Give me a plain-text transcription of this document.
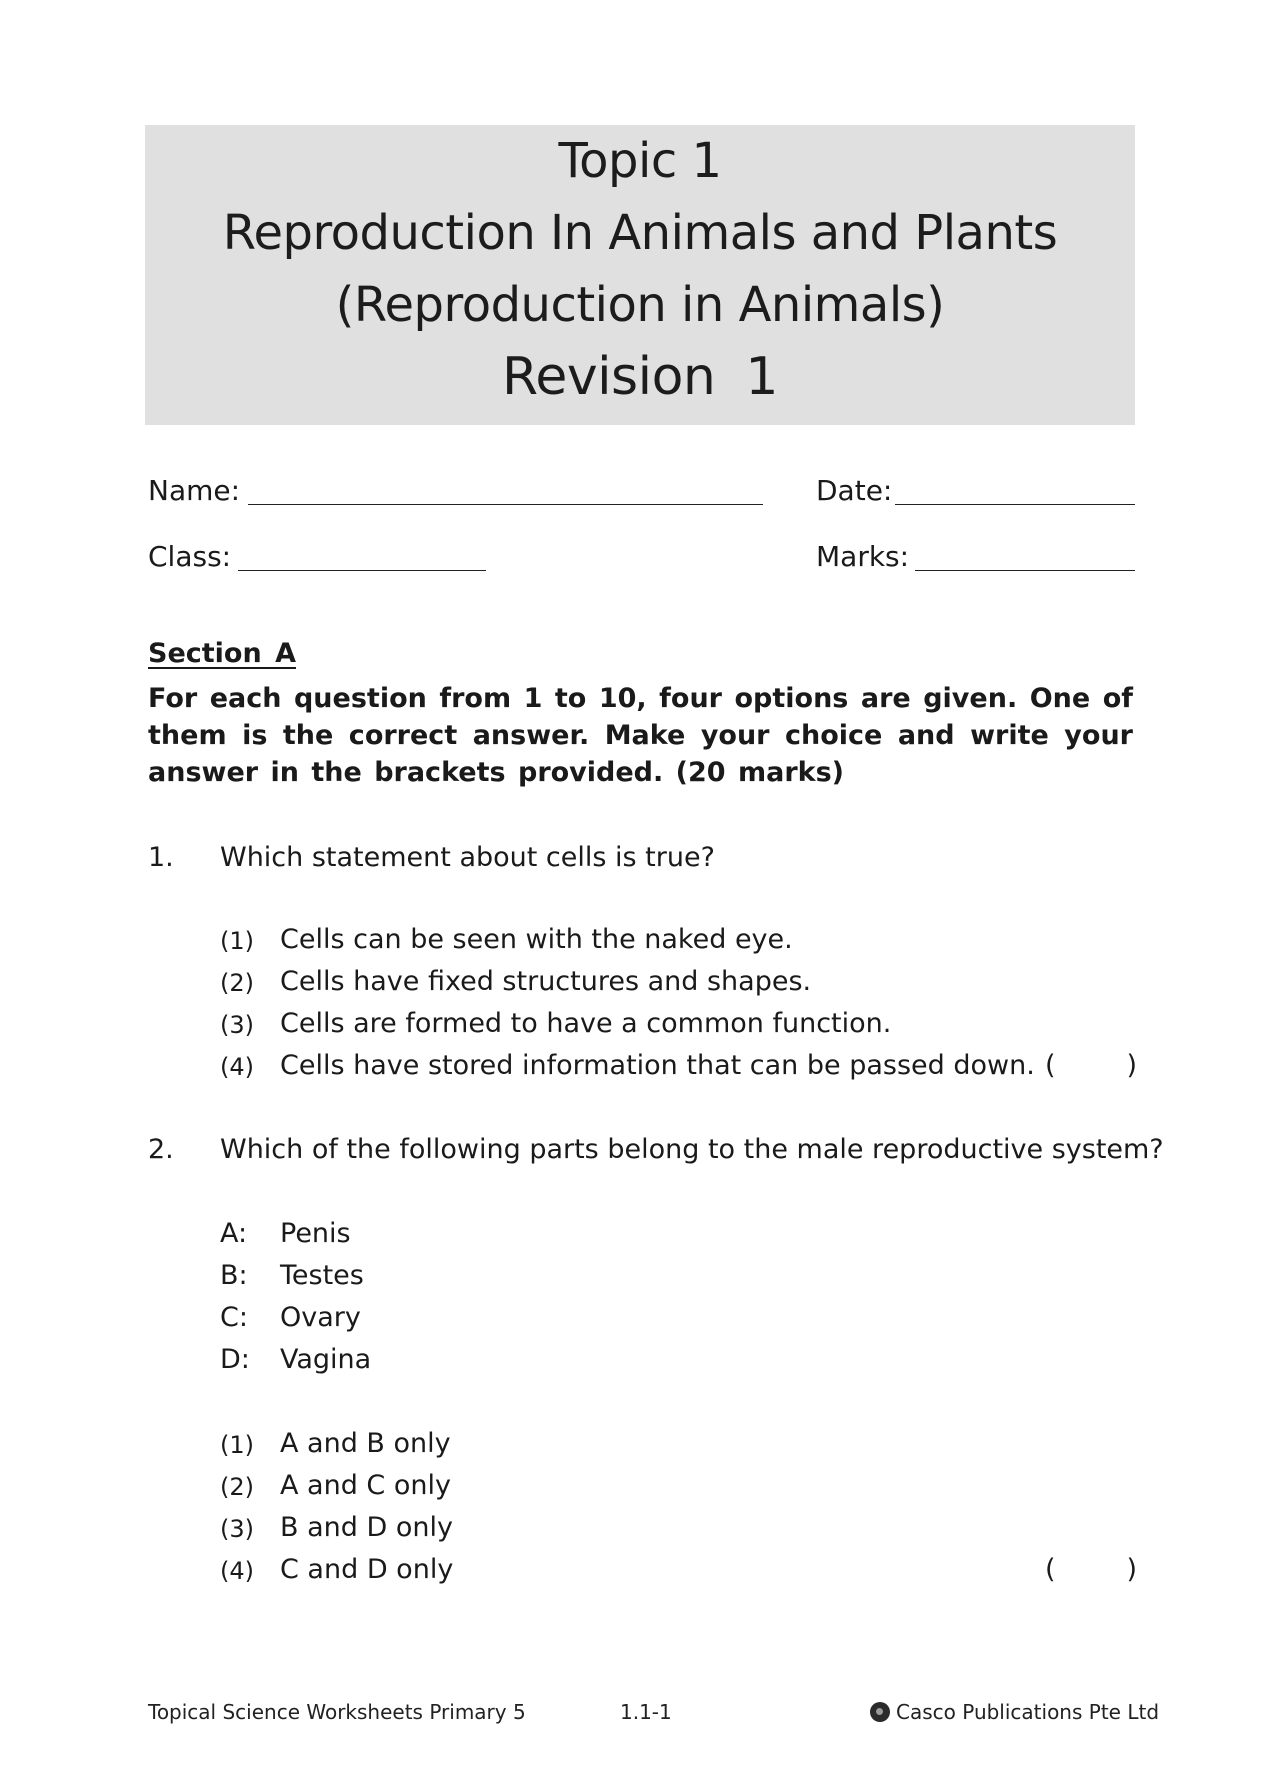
Topic 1
Reproduction In Animals and Plants
(Reproduction in Animals)
Revision 1
Name:	Date:
Class:	Marks:
Section A
For each question from 1 to 10, four options are given. One of them is the correct answer. Make your choice and write your answer in the brackets provided. (20 marks)
1. Which statement about cells is true?
(1) Cells can be seen with the naked eye.
(2) Cells have fixed structures and shapes.
(3) Cells are formed to have a common function.
(4) Cells have stored information that can be passed down. (	)
2. Which of the following parts belong to the male reproductive system?
A: Penis
B: Testes
C: Ovary
D: Vagina
(1) A and B only
(2) A and C only
(3) B and D only
(4) C and D only	(	)
Topical Science Worksheets Primary 5	1.1-1	Casco Publications Pte Ltd
